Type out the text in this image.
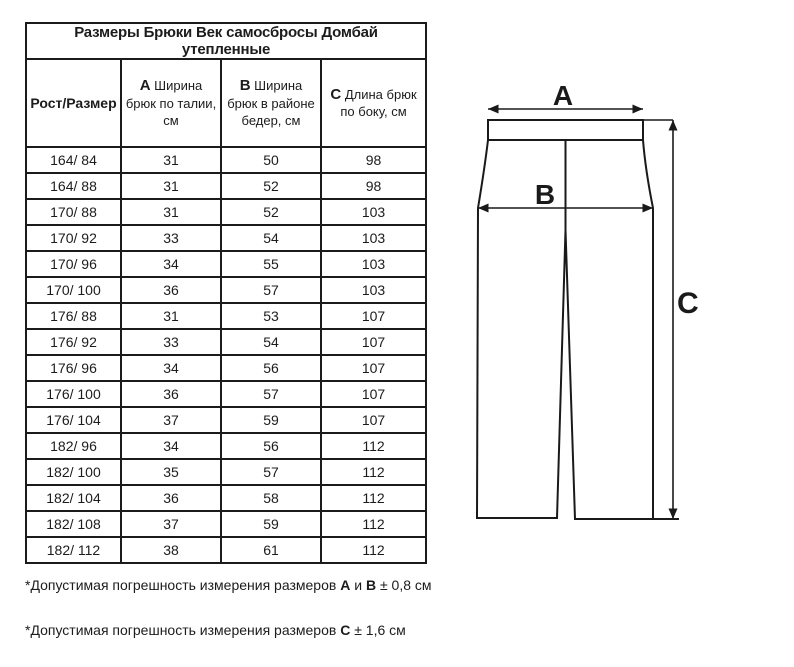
Размеры Брюки Век самосбросы Домбай утепленные			
Рост/Размер	A Ширина брюк по талии, см	B Ширина брюк в районе бедер, см	C Длина брюк по боку, см
164/ 84	31	50	98
164/ 88	31	52	98
170/ 88	31	52	103
170/ 92	33	54	103
170/ 96	34	55	103
170/ 100	36	57	103
176/ 88	31	53	107
176/ 92	33	54	107
176/ 96	34	56	107
176/ 100	36	57	107
176/ 104	37	59	107
182/ 96	34	56	112
182/ 100	35	57	112
182/ 104	36	58	112
182/ 108	37	59	112
182/ 112	38	61	112
A
B
C

*Допустимая погрешность измерения размеров A и B ± 0,8 см

*Допустимая погрешность измерения размеров C ± 1,6 см
